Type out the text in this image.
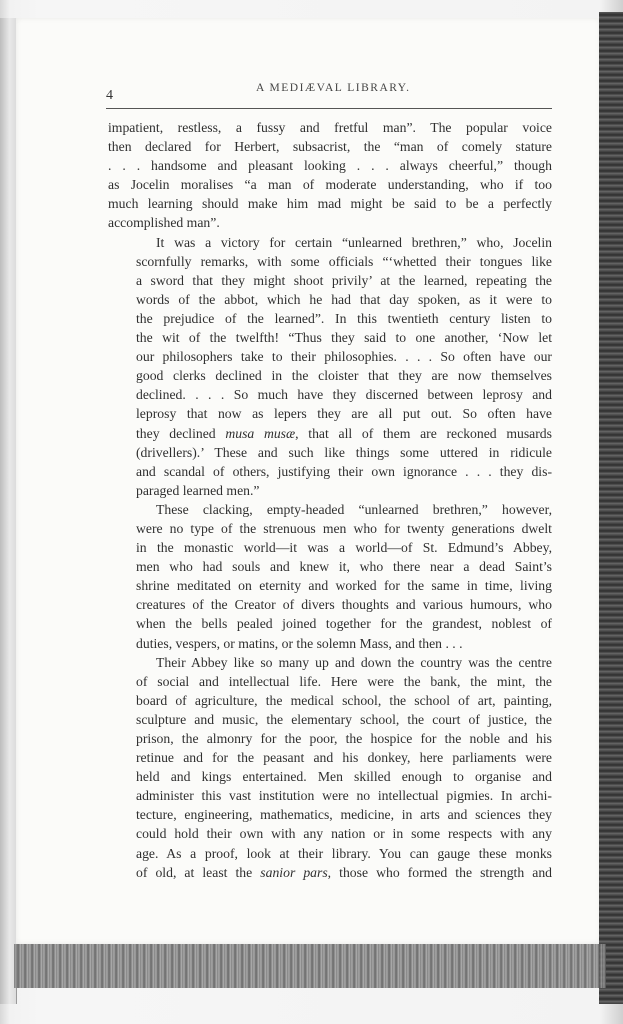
4	A MEDIÆVAL LIBRARY.

impatient, restless, a fussy and fretful man”. The popular voice
then declared for Herbert, subsacrist, the “man of comely stature
. . . handsome and pleasant looking . . . always cheerful,” though
as Jocelin moralises “a man of moderate understanding, who if too
much learning should make him mad might be said to be a perfectly
accomplished man”.

It was a victory for certain “unlearned brethren,” who, Jocelin
scornfully remarks, with some officials “‘whetted their tongues like
a sword that they might shoot privily’ at the learned, repeating the
words of the abbot, which he had that day spoken, as it were to
the prejudice of the learned”. In this twentieth century listen to
the wit of the twelfth! “Thus they said to one another, ‘Now let
our philosophers take to their philosophies. . . . So often have our
good clerks declined in the cloister that they are now themselves
declined. . . . So much have they discerned between leprosy and
leprosy that now as lepers they are all put out. So often have
they declined musa musæ, that all of them are reckoned musards
(drivellers).’ These and such like things some uttered in ridicule
and scandal of others, justifying their own ignorance . . . they dis-
paraged learned men.”

These clacking, empty-headed “unlearned brethren,” however,
were no type of the strenuous men who for twenty generations dwelt
in the monastic world—it was a world—of St. Edmund’s Abbey,
men who had souls and knew it, who there near a dead Saint’s
shrine meditated on eternity and worked for the same in time, living
creatures of the Creator of divers thoughts and various humours, who
when the bells pealed joined together for the grandest, noblest of
duties, vespers, or matins, or the solemn Mass, and then . . .

Their Abbey like so many up and down the country was the centre
of social and intellectual life. Here were the bank, the mint, the
board of agriculture, the medical school, the school of art, painting,
sculpture and music, the elementary school, the court of justice, the
prison, the almonry for the poor, the hospice for the noble and his
retinue and for the peasant and his donkey, here parliaments were
held and kings entertained. Men skilled enough to organise and
administer this vast institution were no intellectual pigmies. In archi-
tecture, engineering, mathematics, medicine, in arts and sciences they
could hold their own with any nation or in some respects with any
age. As a proof, look at their library. You can gauge these monks
of old, at least the sanior pars, those who formed the strength and
